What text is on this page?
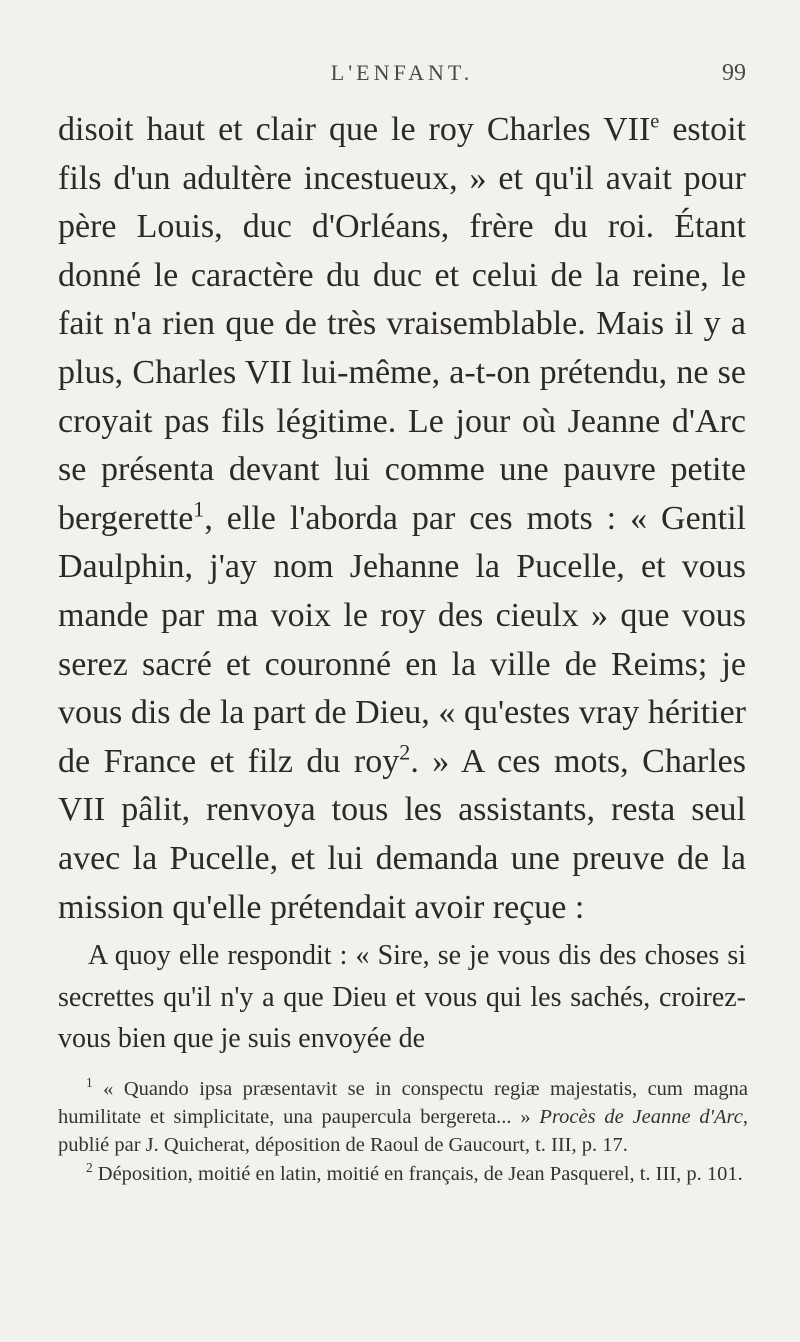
L'ENFANT.	99

disoit haut et clair que le roy Charles VIIe estoit fils d'un adultère incestueux, » et qu'il avait pour père Louis, duc d'Orléans, frère du roi. Étant donné le caractère du duc et celui de la reine, le fait n'a rien que de très vraisemblable. Mais il y a plus, Charles VII lui-même, a-t-on prétendu, ne se croyait pas fils légitime. Le jour où Jeanne d'Arc se présenta devant lui comme une pauvre petite bergerette$^1$, elle l'aborda par ces mots : « Gentil Daulphin, j'ay nom Jehanne la Pucelle, et vous mande par ma voix le roy des cieulx » que vous serez sacré et couronné en la ville de Reims; je vous dis de la part de Dieu, « qu'estes vray héritier de France et filz du roy$^2$. » A ces mots, Charles VII pâlit, renvoya tous les assistants, resta seul avec la Pucelle, et lui demanda une preuve de la mission qu'elle prétendait avoir reçue :

A quoy elle respondit : « Sire, se je vous dis des choses si secrettes qu'il n'y a que Dieu et vous qui les sachés, croirez-vous bien que je suis envoyée de

$^1$ « Quando ipsa præsentavit se in conspectu regiæ majestatis, cum magna humilitate et simplicitate, una paupercula bergereta... » Procès de Jeanne d'Arc, publié par J. Quicherat, déposition de Raoul de Gaucourt, t. III, p. 17.

$^2$ Déposition, moitié en latin, moitié en français, de Jean Pasquerel, t. III, p. 101.
